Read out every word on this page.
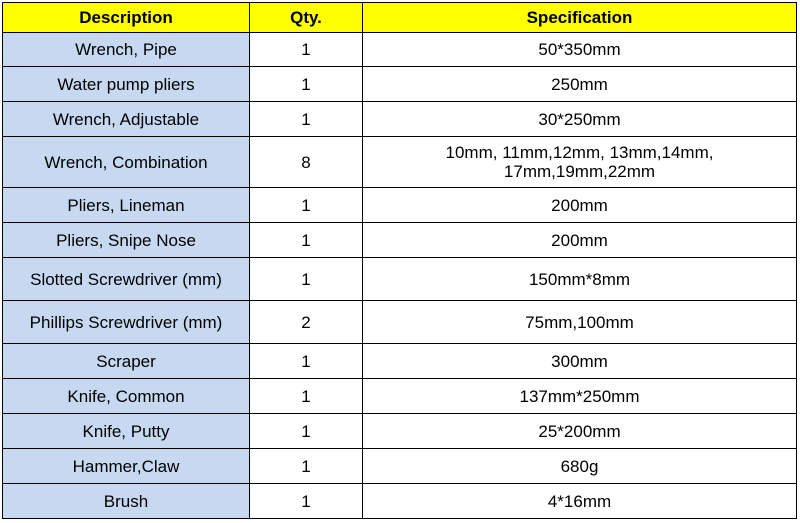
Description	Qty.	Specification
Wrench, Pipe	1	50*350mm
Water pump pliers	1	250mm
Wrench, Adjustable	1	30*250mm
Wrench, Combination	8	10mm, 11mm,12mm, 13mm,14mm,
17mm,19mm,22mm

Pliers, Lineman	1	200mm
Pliers, Snipe Nose	1	200mm
Slotted Screwdriver (mm)	1	150mm*8mm
Phillips Screwdriver (mm)	2	75mm,100mm
Scraper	1	300mm
Knife, Common	1	137mm*250mm
Knife, Putty	1	25*200mm
Hammer,Claw	1	680g
Brush	1	4*16mm
